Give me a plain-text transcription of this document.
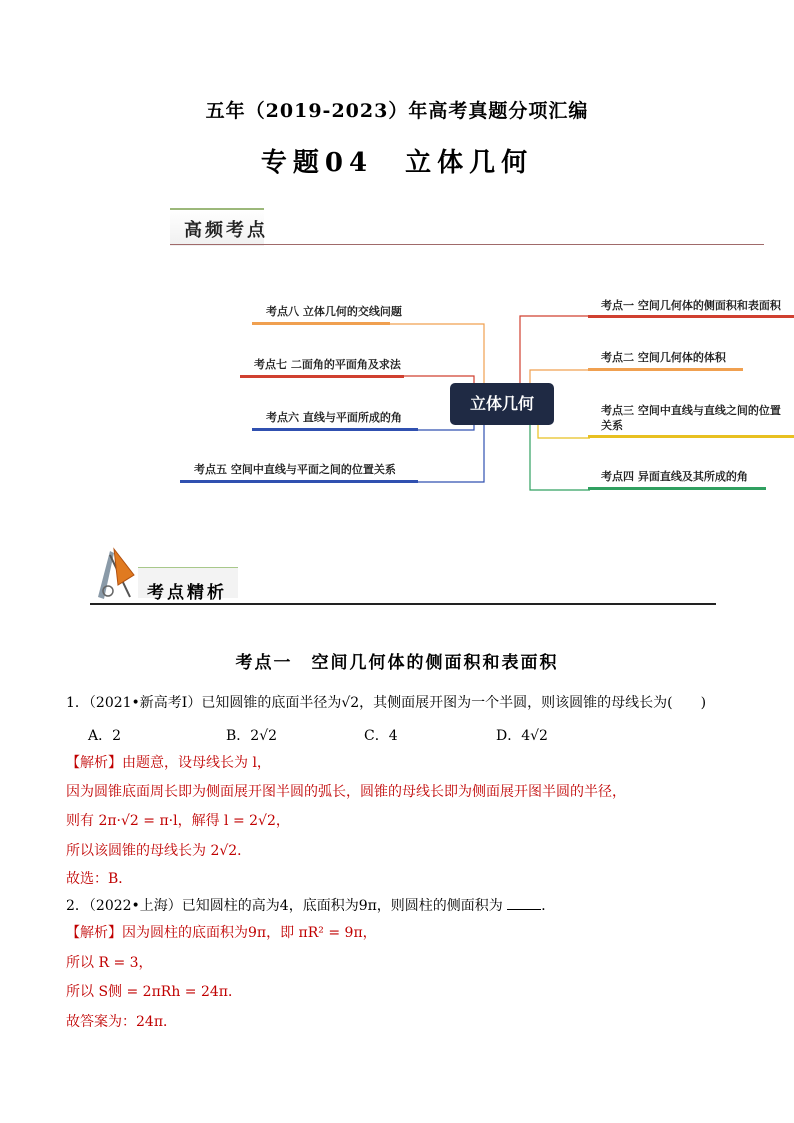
五年（2019-2023）年高考真题分项汇编
专题04　立体几何
高频考点
考点八 立体几何的交线问题
考点七 二面角的平面角及求法
考点六 直线与平面所成的角
考点五 空间中直线与平面之间的位置关系
考点一 空间几何体的侧面积和表面积
考点二 空间几何体的体积
考点三 空间中直线与直线之间的位置
关系
考点四 异面直线及其所成的角
立体几何
考点精析
考点一　空间几何体的侧面积和表面积
1．（2021•新高考Ⅰ）已知圆锥的底面半径为√2，其侧面展开图为一个半圆，则该圆锥的母线长为(　　)
A．2	B．2√2	C．4	D．4√2
【解析】由题意，设母线长为 l，
因为圆锥底面周长即为侧面展开图半圆的弧长，圆锥的母线长即为侧面展开图半圆的半径，
则有 2π·√2 = π·l，解得 l = 2√2，
所以该圆锥的母线长为 2√2．
故选：B．
2．（2022•上海）已知圆柱的高为4，底面积为9π，则圆柱的侧面积为	．
【解析】因为圆柱的底面积为9π，即 πR² = 9π，
所以 R = 3，
所以 S侧 = 2πRh = 24π．
故答案为：24π．
